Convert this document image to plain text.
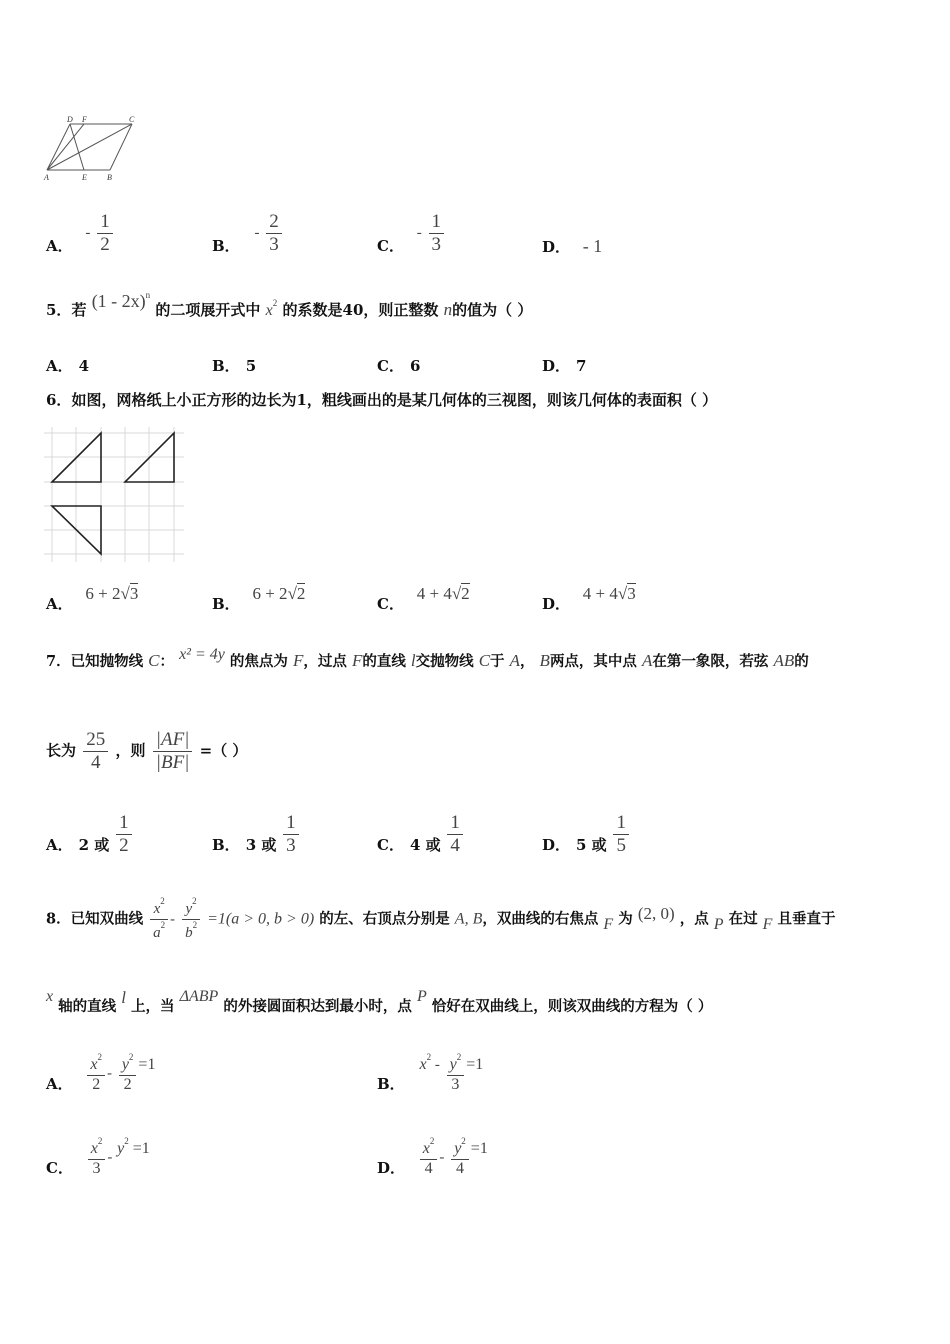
D F	C
A	E	B
A． - $\frac{1}{2}$	B． - $\frac{2}{3}$	C． - $\frac{1}{3}$	D． - 1
5．若 (1 - 2x)$^n$ 的二项展开式中 $x^2$ 的系数是40，则正整数 n的值为（ ）
A． 4	B． 5	C． 6	D． 7
6．如图，网格纸上小正方形的边长为1，粗线画出的是某几何体的三视图，则该几何体的表面积（ ）
A． 6 + 2√3
B． 6 + 2√2
C． 4 + 4√2
D． 4 + 4√3
7．已知抛物线 C： x² = 4y 的焦点为 F，过点 F的直线 l交抛物线 C于 A， B两点，其中点 A在第一象限，若弦 AB的
长为 $\frac{25}{4}$ ，则 $\frac{|AF|}{|BF|}$ =（ ）
A． 2 或 $\frac{1}{2}$	B． 3 或 $\frac{1}{3}$	C． 4 或 $\frac{1}{4}$	D． 5 或 $\frac{1}{5}$
8．已知双曲线 $\frac{x^2}{a^2} - \frac{y^2}{b^2} =1(a > 0$, b > 0) 的左、右顶点分别是 A, B，双曲线的右焦点 F 为 (2, 0) ，点 P 在过 F 且垂直于
x 轴的直线 l 上，当 ΔABP 的外接圆面积达到最小时，点 P 恰好在双曲线上，则该双曲线的方程为（ ）
A． $\frac{x^2}{2} - \frac{y^2}{2} =1$
B． $x^2 - \frac{y^2}{3} =1$
C． $\frac{x^2}{3} - y^2 =1$
D． $\frac{x^2}{4} - \frac{y^2}{4} =1$
